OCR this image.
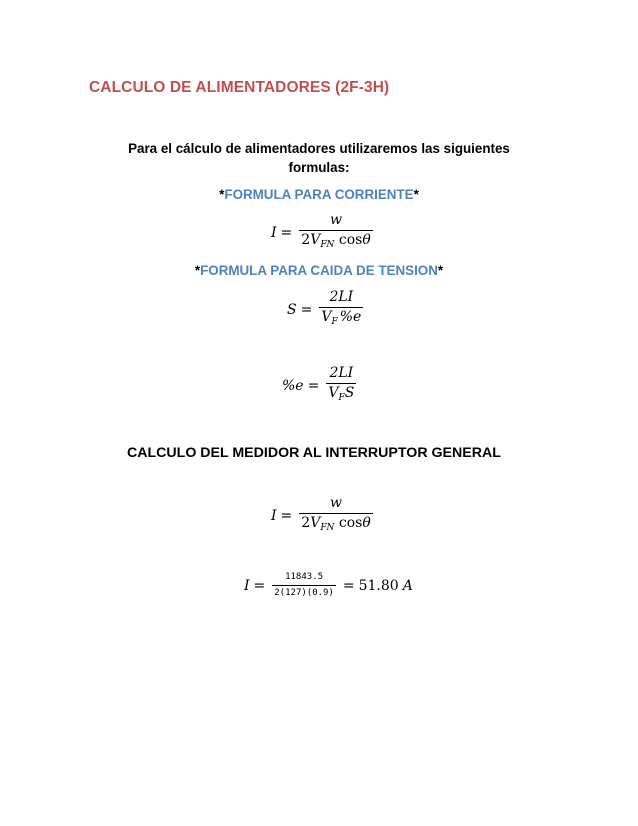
CALCULO DE ALIMENTADORES (2F-3H)
Para el cálculo de alimentadores utilizaremos las siguientes
formulas:
*FORMULA PARA CORRIENTE*
$I = \frac{w}{2V_{FN} \cos\theta}$
*FORMULA PARA CAIDA DE TENSION*
$S = \frac{2LI}{V_F \%e}$
$\%e = \frac{2LI}{V_FS}$
CALCULO DEL MEDIDOR AL INTERRUPTOR GENERAL
$I = \frac{w}{2V_{FN} \cos\theta}$
$I = \frac{11843.5}{2(127)(0.9)} = 51.80$ A
